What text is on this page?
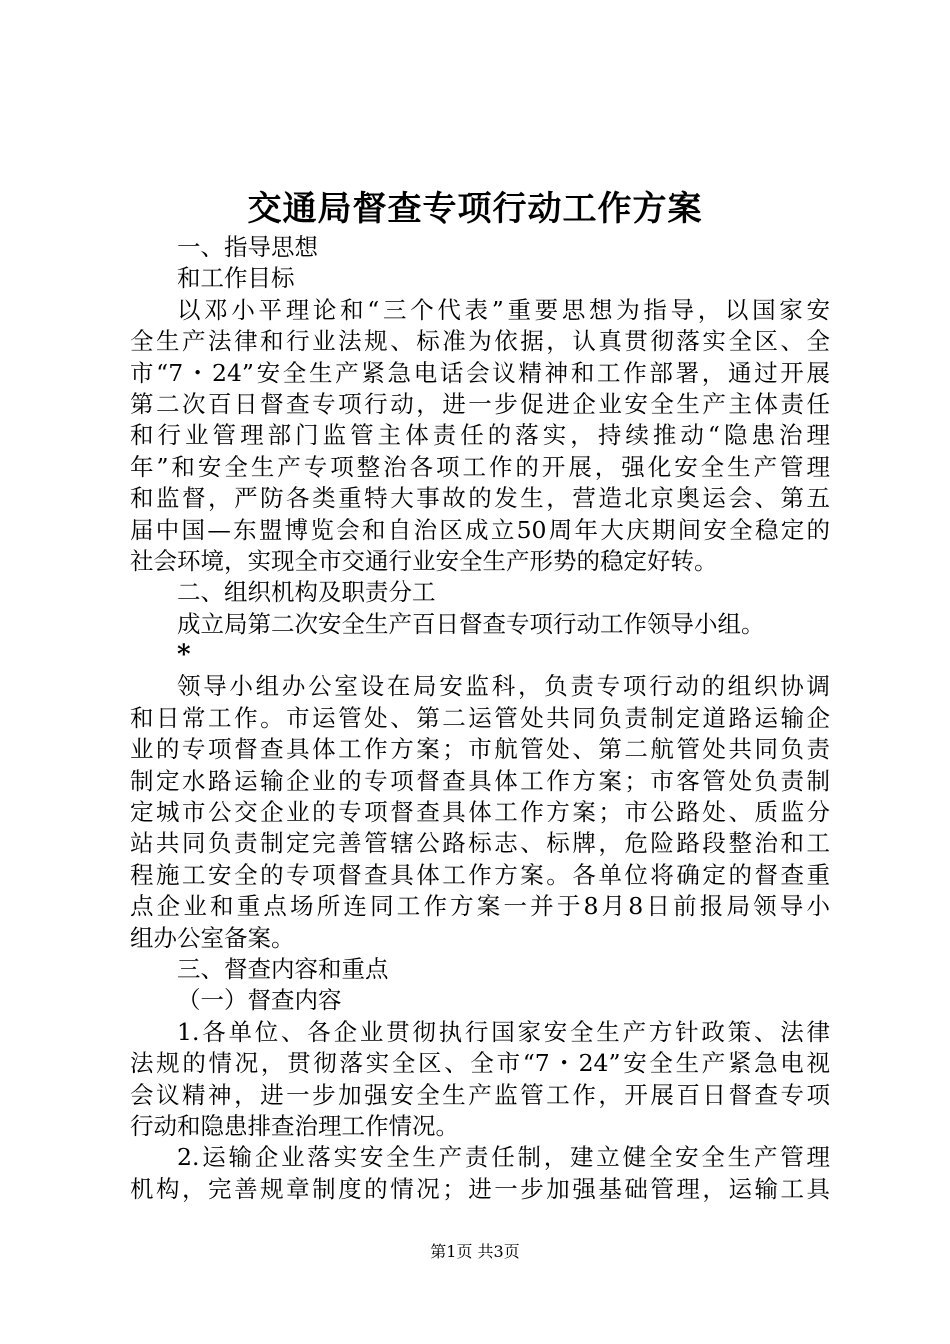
交通局督查专项行动工作方案
一、指导思想
和工作目标
以邓小平理论和“三个代表”重要思想为指导，以国家安
全生产法律和行业法规、标准为依据，认真贯彻落实全区、全
市“7・24”安全生产紧急电话会议精神和工作部署，通过开展
第二次百日督查专项行动，进一步促进企业安全生产主体责任
和行业管理部门监管主体责任的落实，持续推动“隐患治理
年”和安全生产专项整治各项工作的开展，强化安全生产管理
和监督，严防各类重特大事故的发生，营造北京奥运会、第五
届中国—东盟博览会和自治区成立50周年大庆期间安全稳定的
社会环境，实现全市交通行业安全生产形势的稳定好转。
二、组织机构及职责分工
成立局第二次安全生产百日督查专项行动工作领导小组。
*
领导小组办公室设在局安监科，负责专项行动的组织协调
和日常工作。市运管处、第二运管处共同负责制定道路运输企
业的专项督查具体工作方案；市航管处、第二航管处共同负责
制定水路运输企业的专项督查具体工作方案；市客管处负责制
定城市公交企业的专项督查具体工作方案；市公路处、质监分
站共同负责制定完善管辖公路标志、标牌，危险路段整治和工
程施工安全的专项督查具体工作方案。各单位将确定的督查重
点企业和重点场所连同工作方案一并于8月8日前报局领导小
组办公室备案。
三、督查内容和重点
（一）督查内容
1.各单位、各企业贯彻执行国家安全生产方针政策、法律
法规的情况，贯彻落实全区、全市“7・24”安全生产紧急电视
会议精神，进一步加强安全生产监管工作，开展百日督查专项
行动和隐患排查治理工作情况。
2.运输企业落实安全生产责任制，建立健全安全生产管理
机构，完善规章制度的情况；进一步加强基础管理，运输工具
第1页 共3页
